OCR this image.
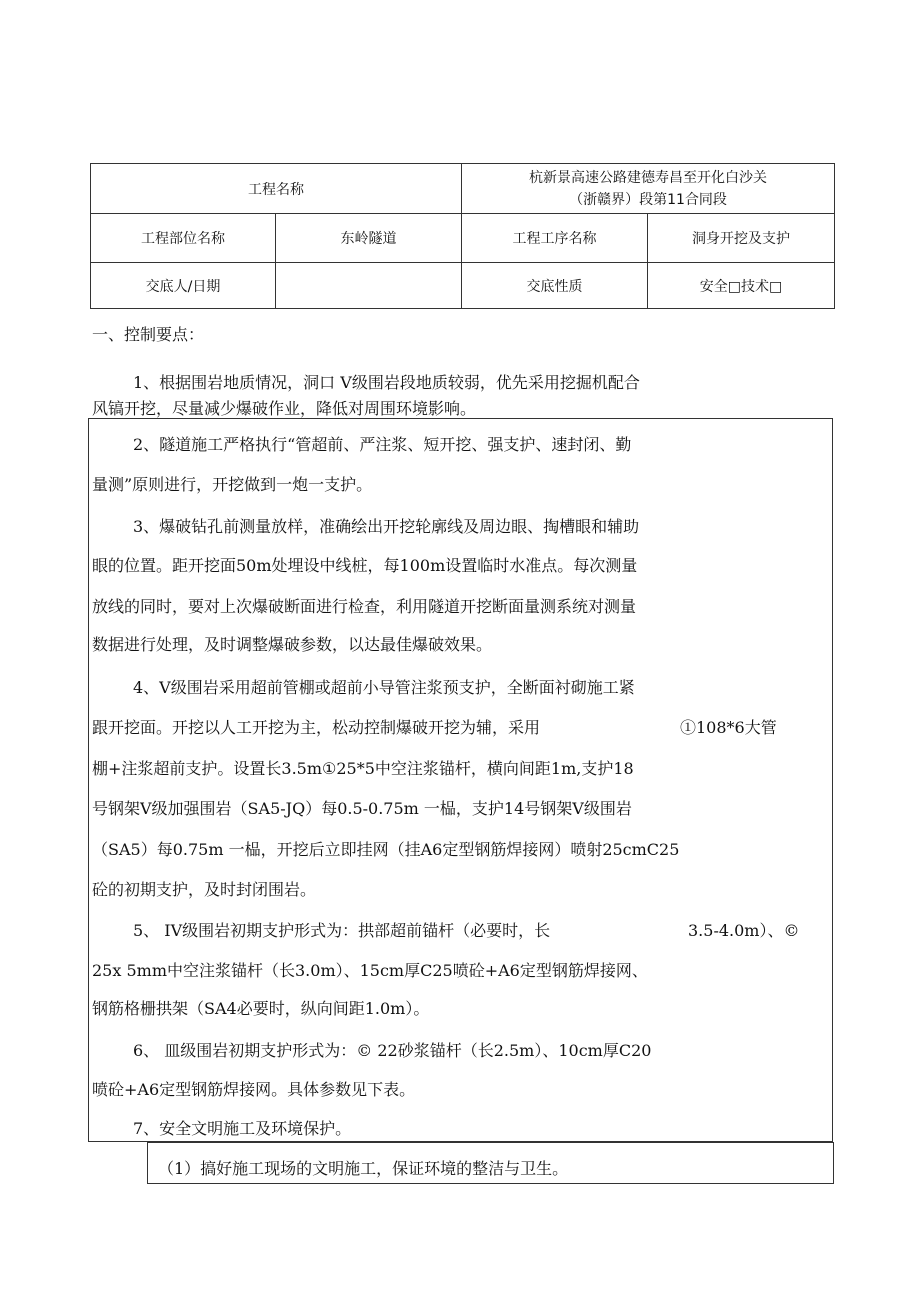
工程名称		杭新景高速公路建德寿昌至开化白沙关
（浙赣界）段第11合同段	

工程部位名称	东岭隧道	工程工序名称	洞身开挖及支护
交底人/日期		交底性质	安全□技术□
一、控制要点：
1、根据围岩地质情况，洞口 V级围岩段地质较弱，优先采用挖掘机配合
风镐开挖，尽量减少爆破作业，降低对周围环境影响。
2、隧道施工严格执行“管超前、严注浆、短开挖、强支护、速封闭、勤
量测”原则进行，开挖做到一炮一支护。
3、爆破钻孔前测量放样，准确绘出开挖轮廓线及周边眼、掏槽眼和辅助
眼的位置。距开挖面50m处埋设中线桩，每100m设置临时水准点。每次测量
放线的同时，要对上次爆破断面进行检查，利用隧道开挖断面量测系统对测量
数据进行处理，及时调整爆破参数，以达最佳爆破效果。
4、V级围岩采用超前管棚或超前小导管注浆预支护，全断面衬砌施工紧
跟开挖面。开挖以人工开挖为主，松动控制爆破开挖为辅，采用	①108*6大管
棚+注浆超前支护。设置长3.5m①25*5中空注浆锚杆，横向间距1m,支护18
号钢架V级加强围岩（SA5-JQ）每0.5-0.75m 一榀，支护14号钢架V级围岩
（SA5）每0.75m 一榀，开挖后立即挂网（挂A6定型钢筋焊接网）喷射25cmC25
砼的初期支护，及时封闭围岩。
5、 IV级围岩初期支护形式为：拱部超前锚杆（必要时，长	3.5-4.0m）、©
25x 5mm中空注浆锚杆（长3.0m）、15cm厚C25喷砼+A6定型钢筋焊接网、
钢筋格栅拱架（SA4必要时，纵向间距1.0m）。
6、 皿级围岩初期支护形式为：© 22砂浆锚杆（长2.5m）、10cm厚C20
喷砼+A6定型钢筋焊接网。具体参数见下表。
7、安全文明施工及环境保护。
（1）搞好施工现场的文明施工，保证环境的整洁与卫生。
